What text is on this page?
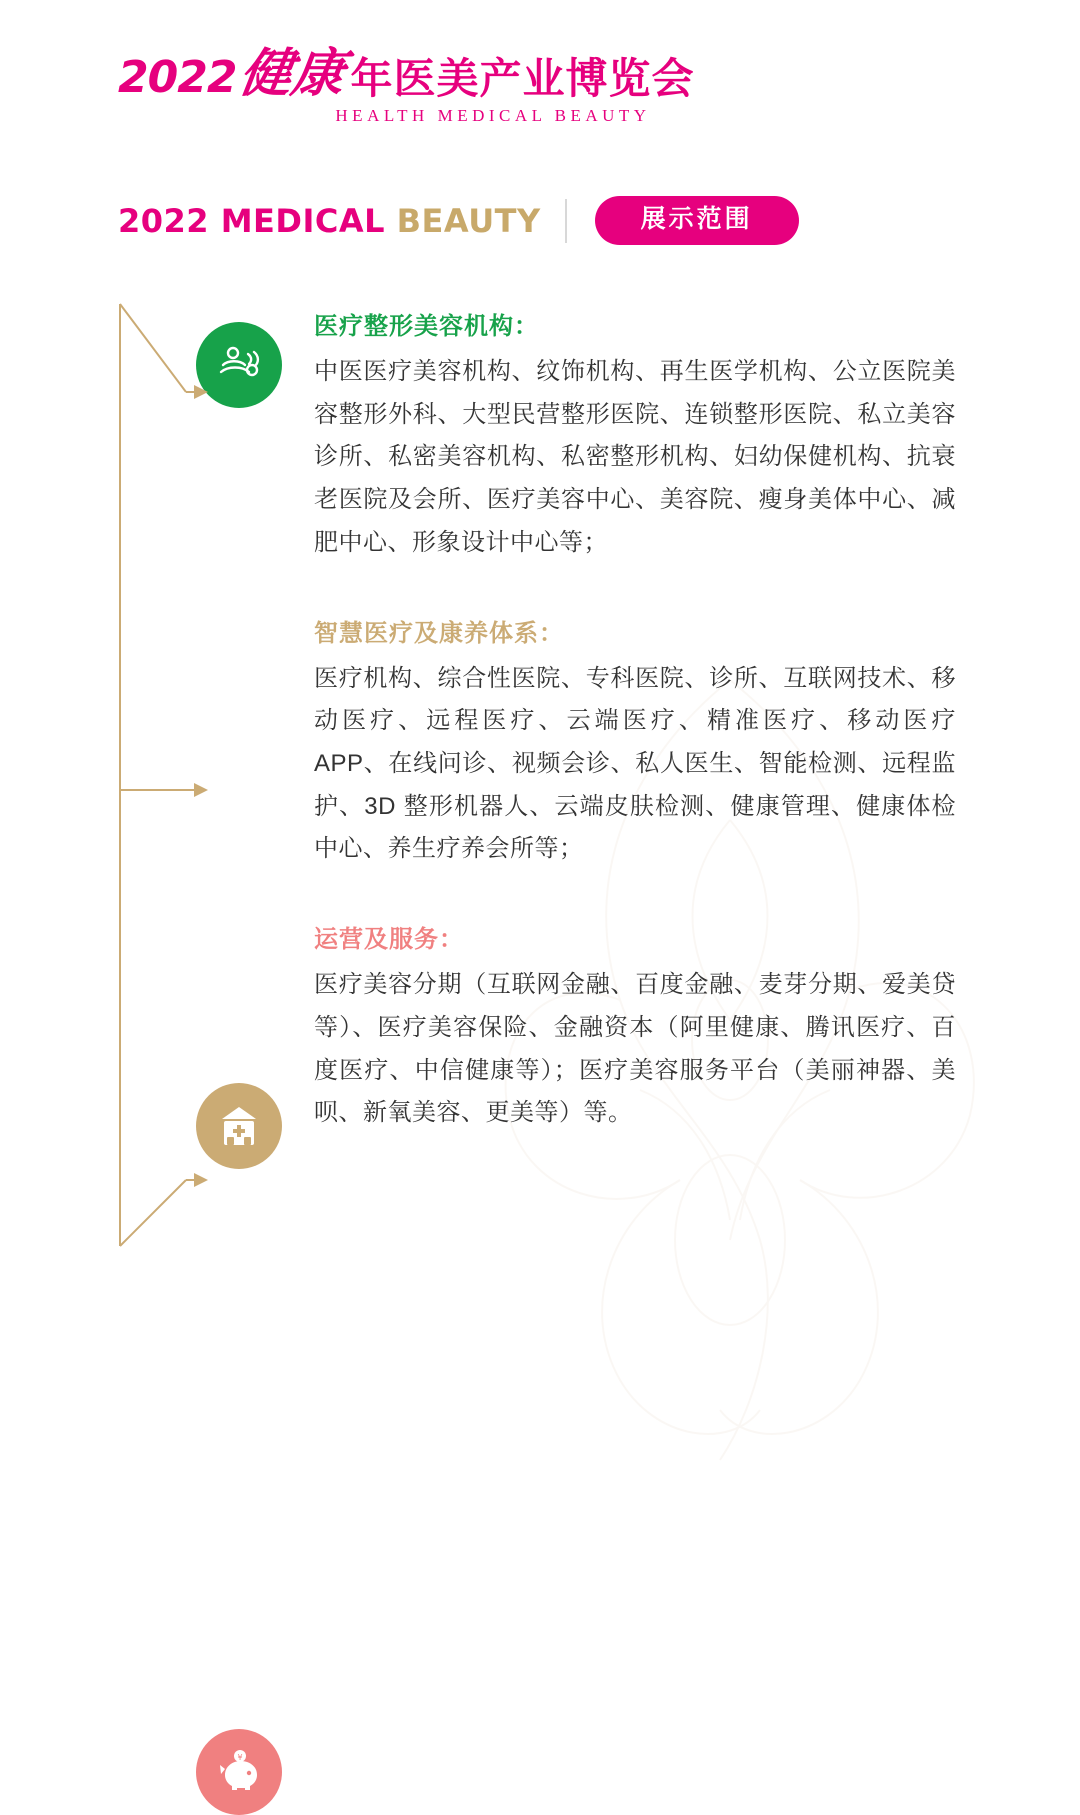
2022 健康 年医美产业博览会
HEALTH MEDICAL BEAUTY
2022 MEDICAL BEAUTY	展示范围
医疗整形美容机构：
中医医疗美容机构、纹饰机构、再生医学机构、公立医院美容整形外科、大型民营整形医院、连锁整形医院、私立美容诊所、私密美容机构、私密整形机构、妇幼保健机构、抗衰老医院及会所、医疗美容中心、美容院、瘦身美体中心、减肥中心、形象设计中心等；
智慧医疗及康养体系：
医疗机构、综合性医院、专科医院、诊所、互联网技术、移动医疗、远程医疗、云端医疗、精准医疗、移动医疗 APP、在线问诊、视频会诊、私人医生、智能检测、远程监护、3D 整形机器人、云端皮肤检测、健康管理、健康体检中心、养生疗养会所等；
¥
运营及服务：
医疗美容分期（互联网金融、百度金融、麦芽分期、爱美贷等）、医疗美容保险、金融资本（阿里健康、腾讯医疗、百度医疗、中信健康等）；医疗美容服务平台（美丽神器、美呗、新氧美容、更美等）等。
